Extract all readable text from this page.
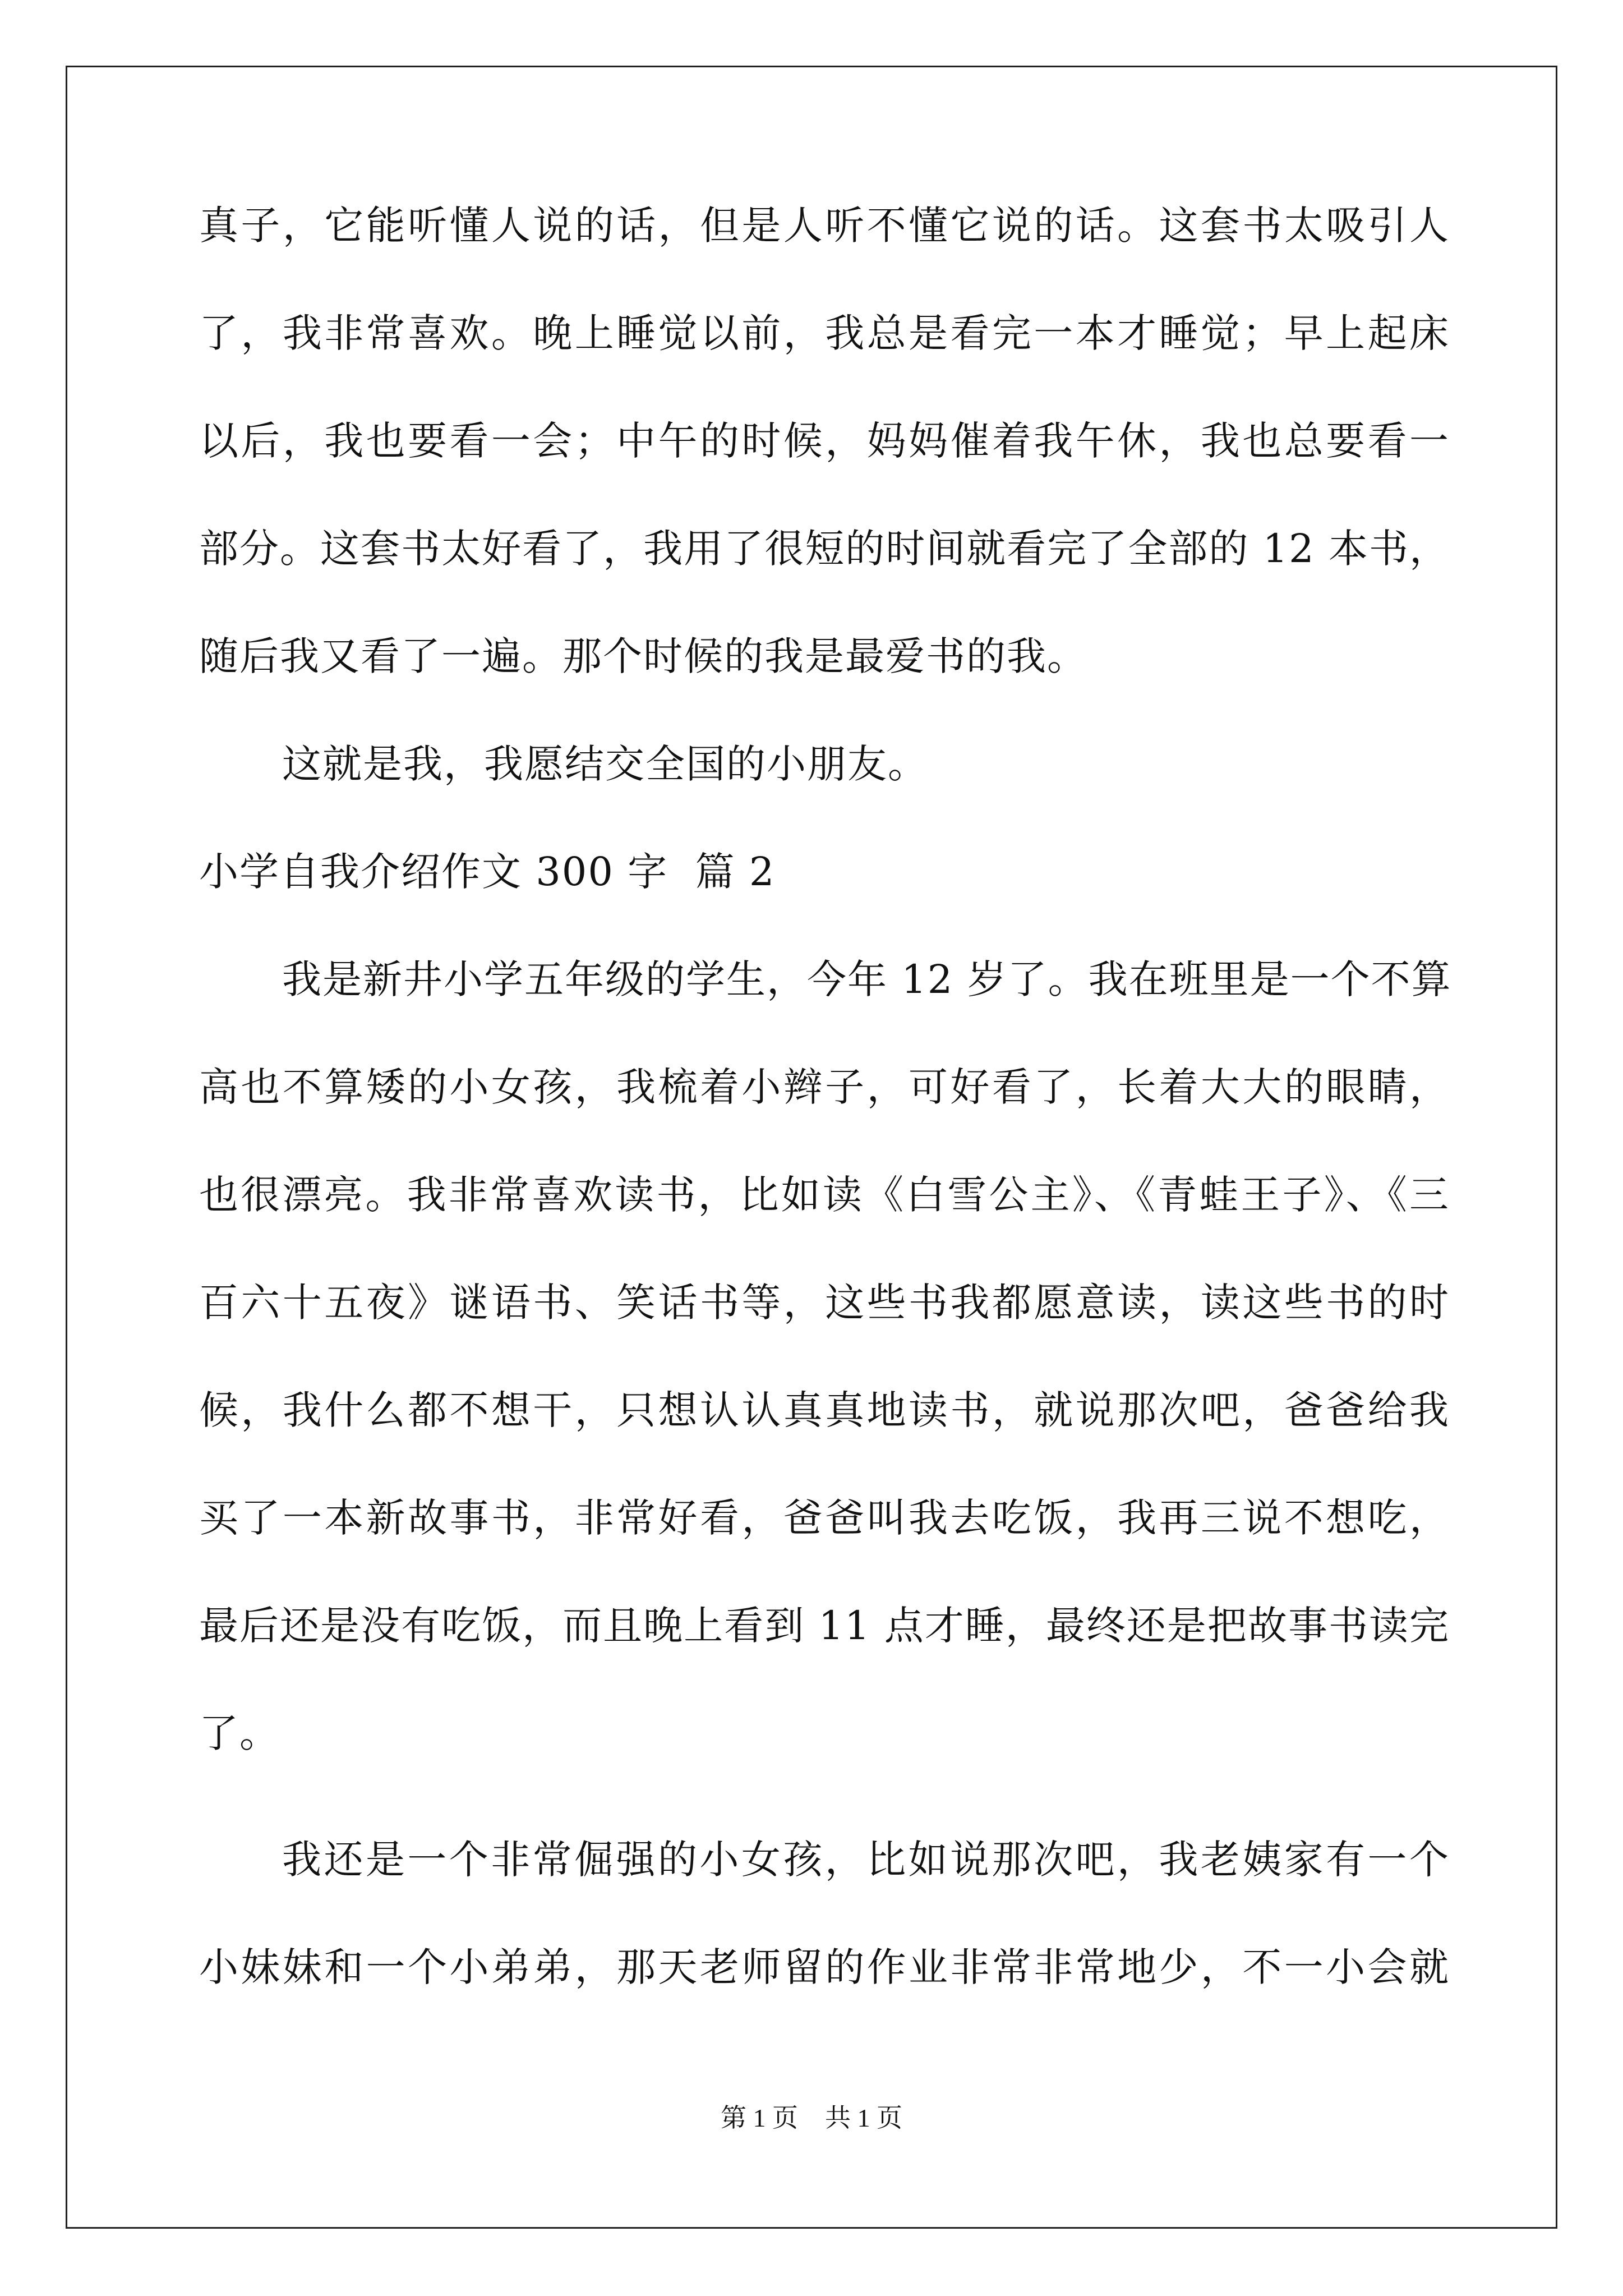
真子，它能听懂人说的话，但是人听不懂它说的话。这套书太吸引人
了，我非常喜欢。晚上睡觉以前，我总是看完一本才睡觉；早上起床
以后，我也要看一会；中午的时候，妈妈催着我午休，我也总要看一
部分。这套书太好看了，我用了很短的时间就看完了全部的 12 本书，
随后我又看了一遍。那个时候的我是最爱书的我。
这就是我，我愿结交全国的小朋友。
小学自我介绍作文 300 字  篇 2
我是新井小学五年级的学生，今年 12 岁了。我在班里是一个不算
高也不算矮的小女孩，我梳着小辫子，可好看了，长着大大的眼睛，
也很漂亮。我非常喜欢读书，比如读《白雪公主》、《青蛙王子》、《三
百六十五夜》谜语书、笑话书等，这些书我都愿意读，读这些书的时
候，我什么都不想干，只想认认真真地读书，就说那次吧，爸爸给我
买了一本新故事书，非常好看，爸爸叫我去吃饭，我再三说不想吃，
最后还是没有吃饭，而且晚上看到 11 点才睡，最终还是把故事书读完
了。
我还是一个非常倔强的小女孩，比如说那次吧，我老姨家有一个
小妹妹和一个小弟弟，那天老师留的作业非常非常地少，不一小会就
第 1 页 共 1 页
